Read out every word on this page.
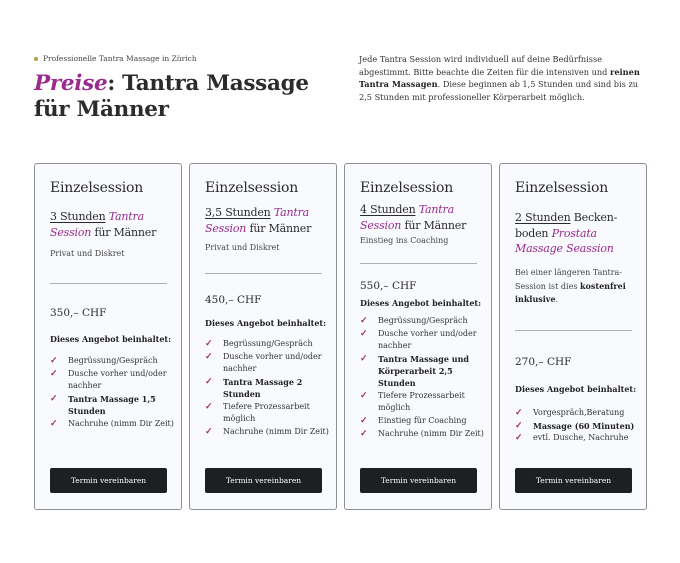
Professionelle Tantra Massage in Zürich
Preise: Tantra Massage für Männer

Jede Tantra Session wird individuell auf deine Bedürfnisse abgestimmt. Bitte beachte die Zeiten für die intensiven und reinen Tantra Massagen. Diese beginnen ab 1,5 Stunden und sind bis zu 2,5 Stunden mit professioneller Körperarbeit möglich.

Einzelsession
3 Stunden Tantra Session für Männer
Privat und Diskret
350,– CHF
Dieses Angebot beinhaltet:
✓ Begrüssung/Gespräch
✓ Dusche vorher und/oder nachher
✓ Tantra Massage 1,5 Stunden
✓ Nachruhe (nimm Dir Zeit)
Termin vereinbaren
Einzelsession
3,5 Stunden Tantra Session für Männer
Privat und Diskret
450,– CHF
Dieses Angebot beinhaltet:
✓ Begrüssung/Gespräch
✓ Dusche vorher und/oder nachher
✓ Tantra Massage 2 Stunden
✓ Tiefere Prozessarbeit möglich
✓ Nachruhe (nimm Dir Zeit)
Termin vereinbaren
Einzelsession
4 Stunden Tantra Session für Männer
Einstieg ins Coaching
550,– CHF
Dieses Angebot beinhaltet:
✓ Begrüssung/Gespräch
✓ Dusche vorher und/oder nachher
✓ Tantra Massage und Körperarbeit 2,5 Stunden
✓ Tiefere Prozessarbeit möglich
✓ Einstieg für Coaching
✓ Nachruhe (nimm Dir Zeit)
Termin vereinbaren
Einzelsession
2 Stunden Becken-boden Prostata Massage Seassion
Bei einer längeren Tantra-Session ist dies kostenfrei inklusive.
270,– CHF
Dieses Angebot beinhaltet:
✓ Vorgespräch,Beratung
✓ Massage (60 Minuten)
✓ evtl. Dusche, Nachruhe
Termin vereinbaren
